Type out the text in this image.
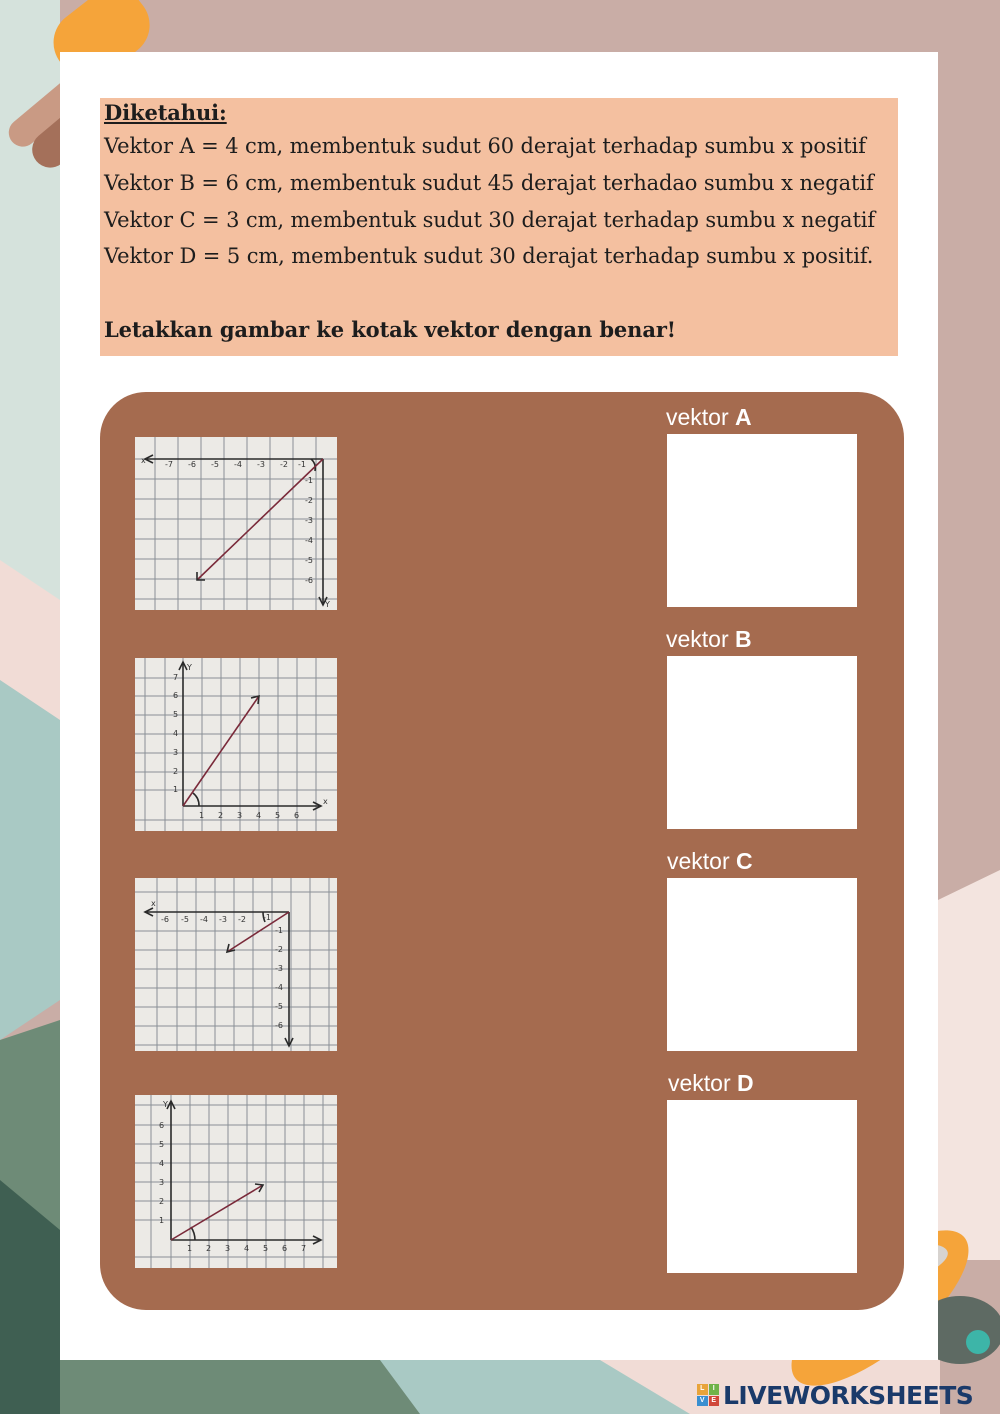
Diketahui:

Vektor A = 4 cm, membentuk sudut 60 derajat terhadap sumbu x positif

Vektor B = 6 cm, membentuk sudut 45 derajat terhadao sumbu x negatif

Vektor C = 3 cm, membentuk sudut 30 derajat terhadap sumbu x negatif

Vektor D = 5 cm, membentuk sudut 30 derajat terhadap sumbu x positif.

Letakkan gambar ke kotak vektor dengan benar!

x
Y
-7 -6 -5 -4 -3 -2 -1
-1
-2
-3
-4
-5
-6
x
Y
1 2 3 4 5 6
1
2
3
4
5
6
7
x
-6 -5 -4 -3 -2 -1
-1
-2
-3
-4
-5
-6
Y
1 2 3 4 5 6 7
1
2
3
4
5
6
vektor A
vektor B
vektor C
vektor D
L	I
V E LIVEWORKSHEETS
